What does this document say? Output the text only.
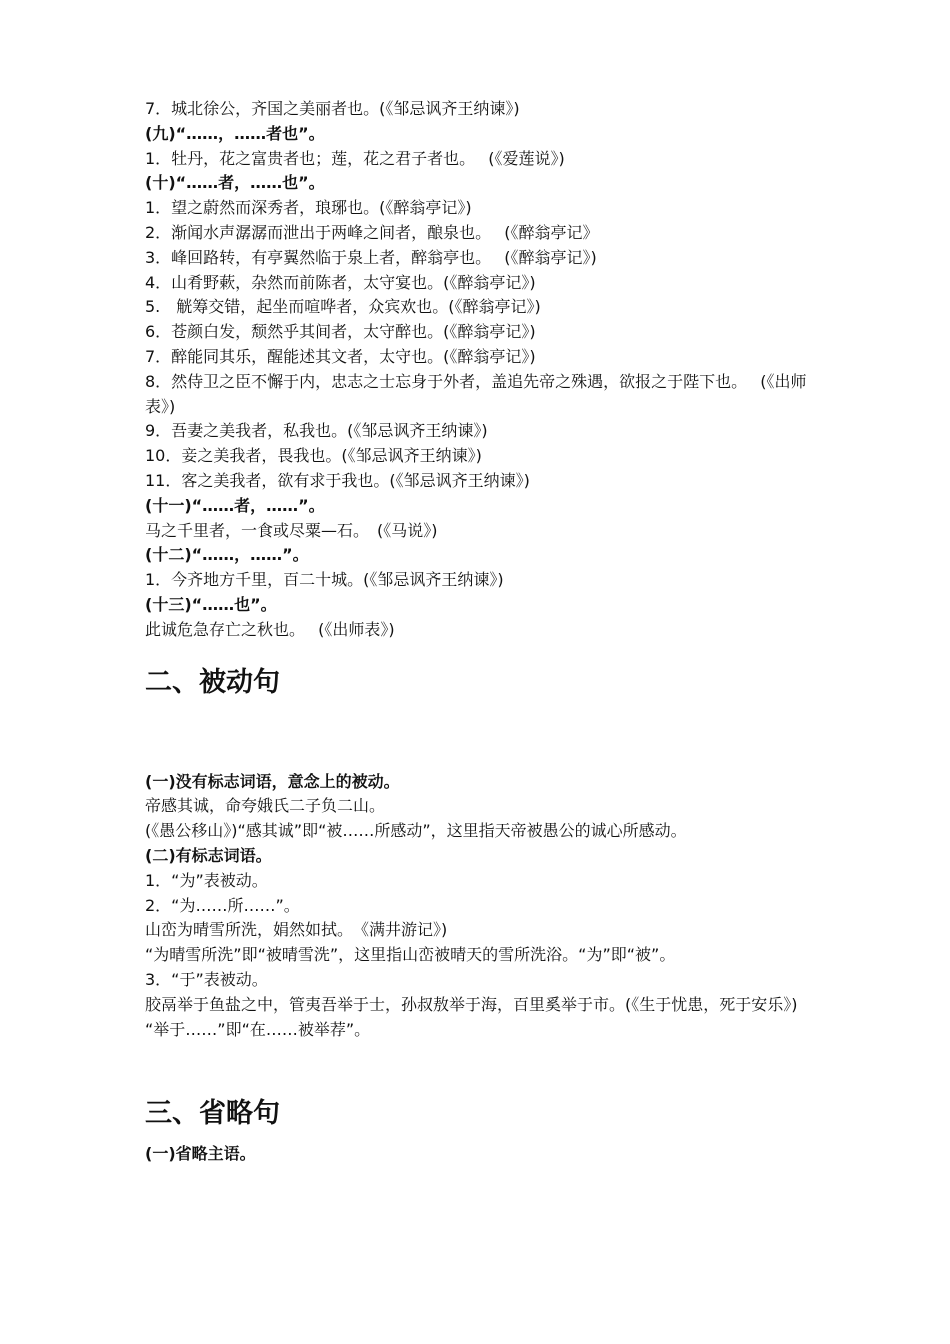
7．城北徐公，齐国之美丽者也。(《邹忌讽齐王纳谏》)
(九)“……，……者也”。
1．牡丹，花之富贵者也；莲，花之君子者也。　 (《爱莲说》)
(十)“……者，……也”。
1．望之蔚然而深秀者，琅琊也。(《醉翁亭记》)
2．渐闻水声潺潺而泄出于两峰之间者，酿泉也。　 (《醉翁亭记》
3．峰回路转，有亭翼然临于泉上者，醉翁亭也。　 (《醉翁亭记》)
4．山肴野蔌，杂然而前陈者，太守宴也。(《醉翁亭记》)
5.　觥筹交错，起坐而喧哗者，众宾欢也。(《醉翁亭记》)
6．苍颜白发，颓然乎其间者，太守醉也。(《醉翁亭记》)
7．醉能同其乐，醒能述其文者，太守也。(《醉翁亭记》)
8．然侍卫之臣不懈于内，忠志之士忘身于外者，盖追先帝之殊遇，欲报之于陛下也。　 (《出师表》)
9．吾妻之美我者，私我也。(《邹忌讽齐王纳谏》)
10．妾之美我者，畏我也。(《邹忌讽齐王纳谏》)
11．客之美我者，欲有求于我也。(《邹忌讽齐王纳谏》)
(十一)“……者，……”。
马之千里者，一食或尽粟—石。　(《马说》)
(十二)“……，……”。
1．今齐地方千里，百二十城。(《邹忌讽齐王纳谏》)
(十三)“……也”。
此诚危急存亡之秋也。　 (《出师表》)
二、被动句
(一)没有标志词语，意念上的被动。
帝感其诚，命夸娥氏二子负二山。
(《愚公移山》)“感其诚”即“被……所感动”，这里指天帝被愚公的诚心所感动。
(二)有标志词语。
1．“为”表被动。
2．“为……所……”。
山峦为晴雪所洗，娟然如拭。　《满井游记》)
“为晴雪所洗”即“被晴雪洗”，这里指山峦被晴天的雪所洗浴。“为”即“被”。
3．“于”表被动。
胶鬲举于鱼盐之中，管夷吾举于士，孙叔敖举于海，百里奚举于市。(《生于忧患，死于安乐》)
“举于……”即“在……被举荐”。
三、省略句
(一)省略主语。
